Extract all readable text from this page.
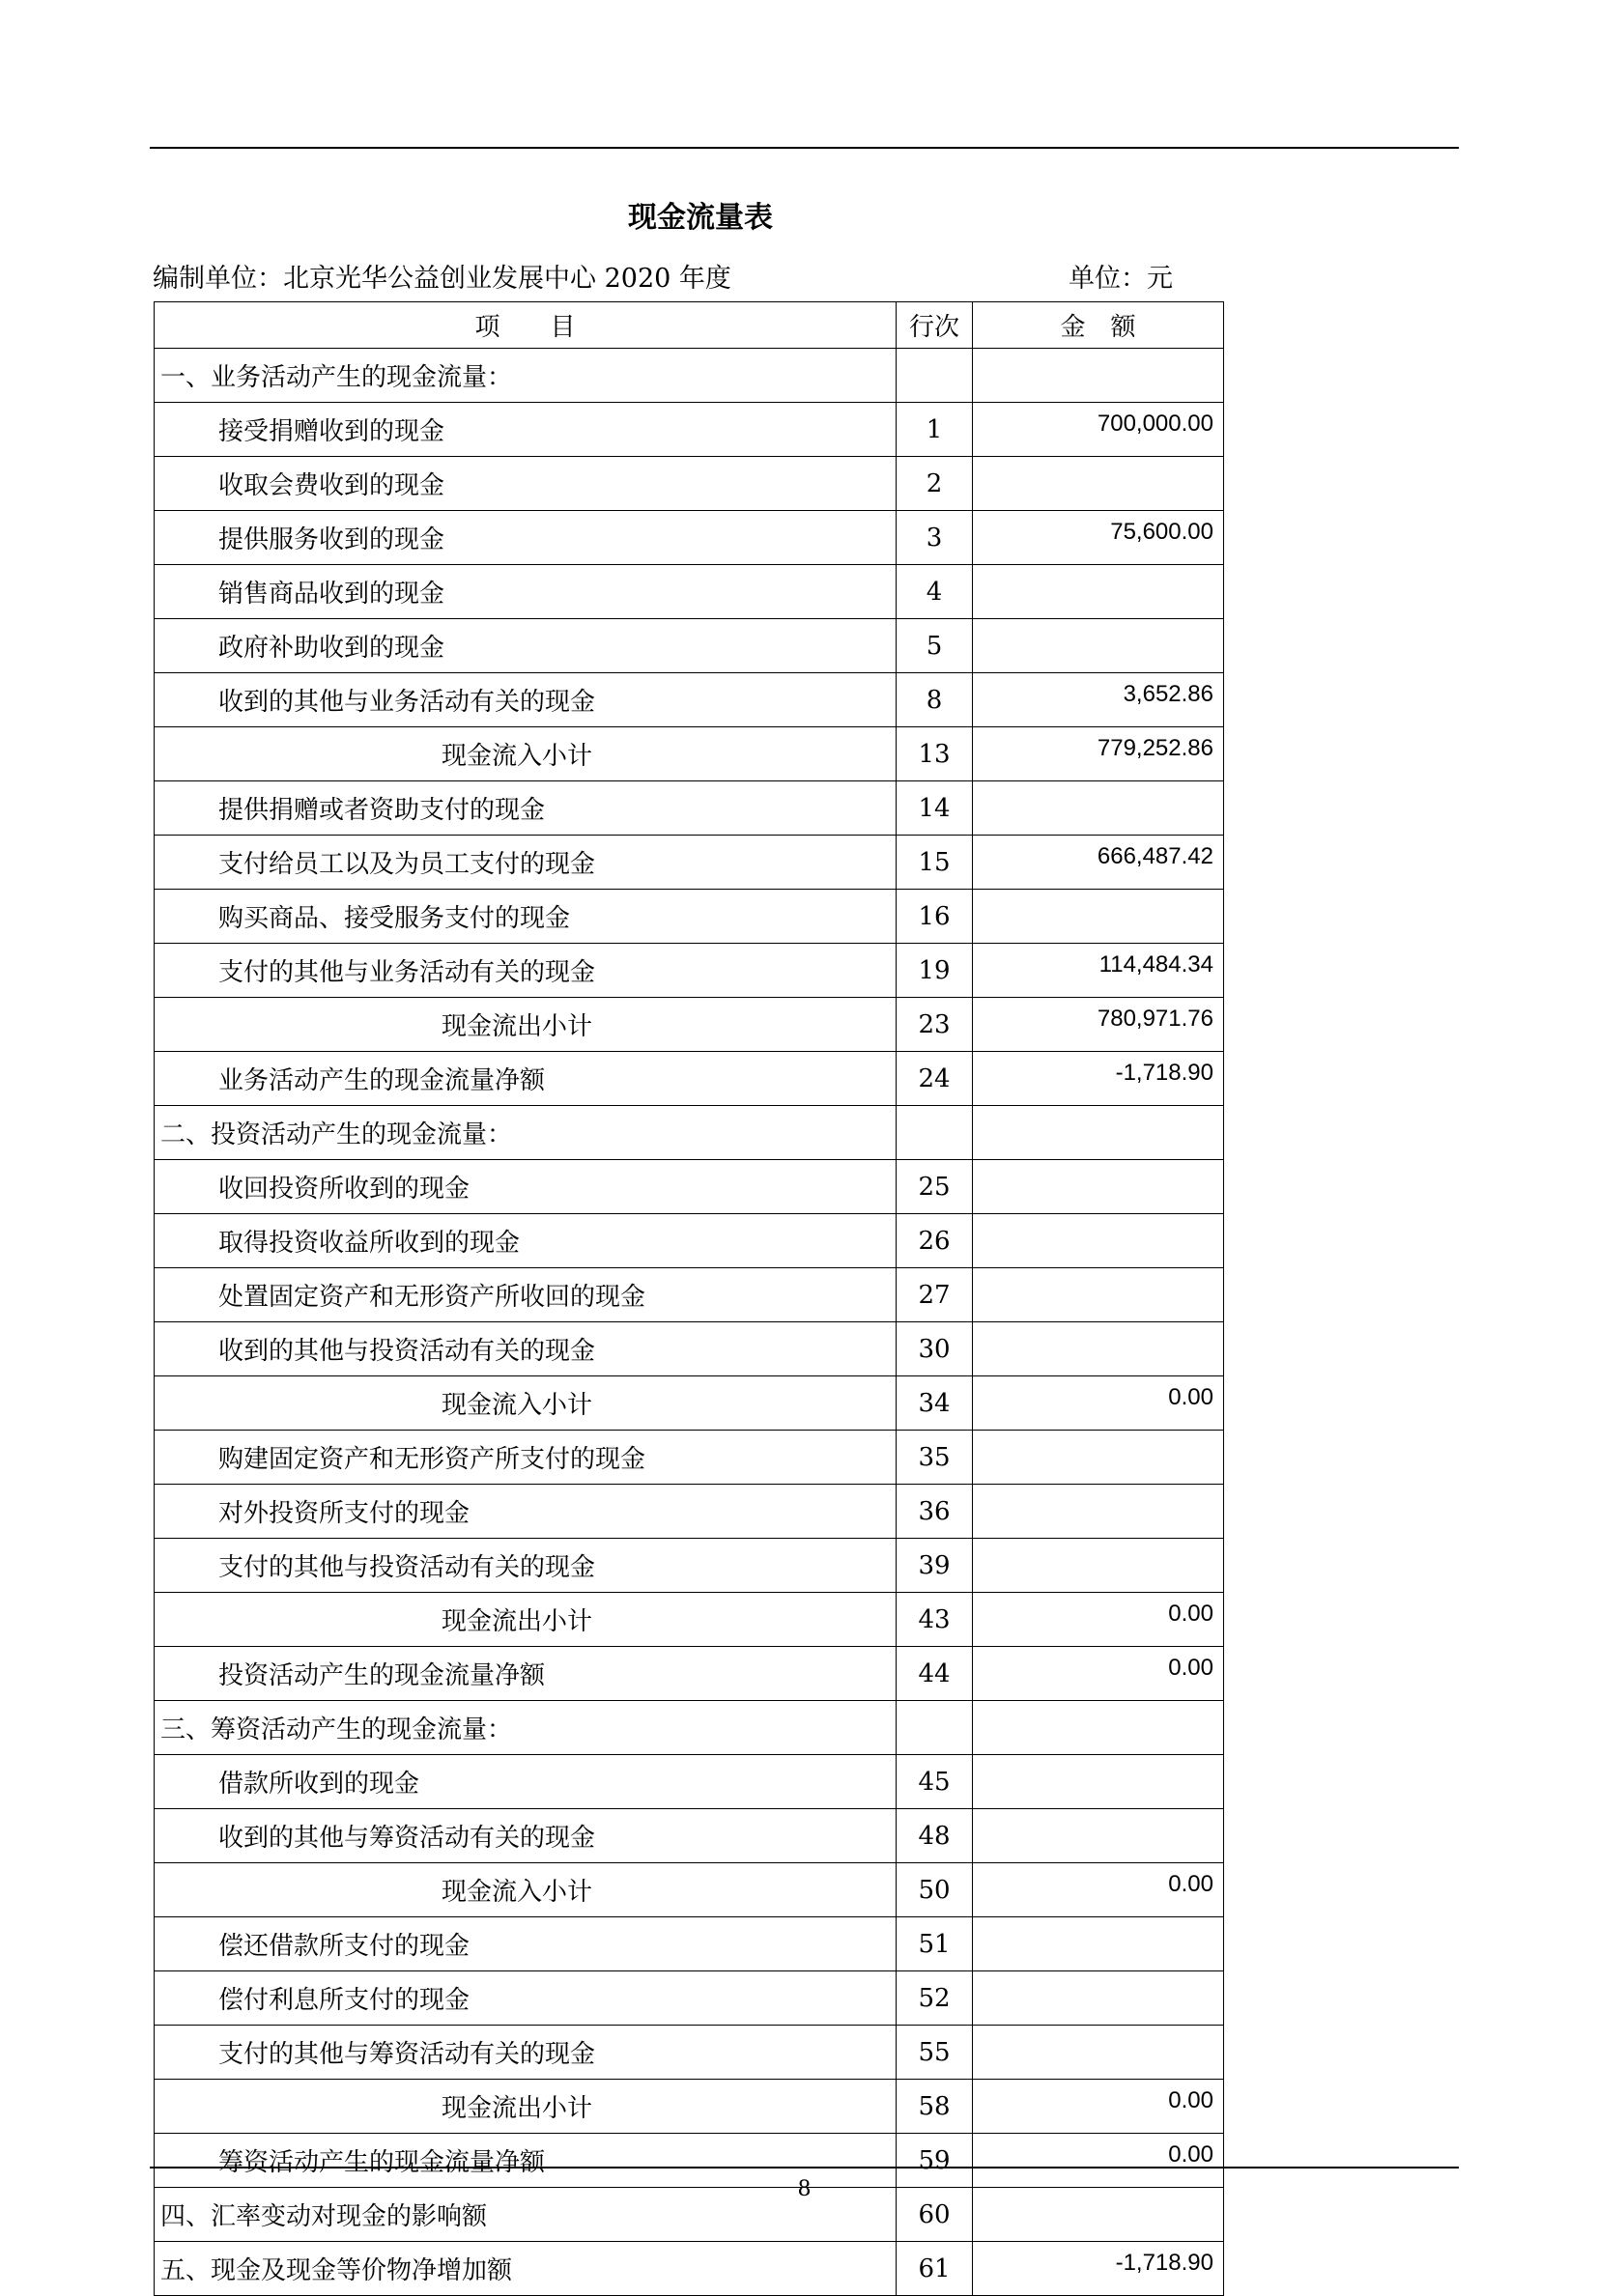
现金流量表
编制单位：北京光华公益创业发展中心 2020 年度	单位：元
项　　目	行次	金　额
一、业务活动产生的现金流量：		
接受捐赠收到的现金	1	700,000.00
收取会费收到的现金	2	
提供服务收到的现金	3	75,600.00
销售商品收到的现金	4	
政府补助收到的现金	5	
收到的其他与业务活动有关的现金	8	3,652.86
现金流入小计	13	779,252.86
提供捐赠或者资助支付的现金	14	
支付给员工以及为员工支付的现金	15	666,487.42
购买商品、接受服务支付的现金	16	
支付的其他与业务活动有关的现金	19	114,484.34
现金流出小计	23	780,971.76
业务活动产生的现金流量净额	24	-1,718.90
二、投资活动产生的现金流量：		
收回投资所收到的现金	25	
取得投资收益所收到的现金	26	
处置固定资产和无形资产所收回的现金	27	
收到的其他与投资活动有关的现金	30	
现金流入小计	34	0.00
购建固定资产和无形资产所支付的现金	35	
对外投资所支付的现金	36	
支付的其他与投资活动有关的现金	39	
现金流出小计	43	0.00
投资活动产生的现金流量净额	44	0.00
三、筹资活动产生的现金流量：		
借款所收到的现金	45	
收到的其他与筹资活动有关的现金	48	
现金流入小计	50	0.00
偿还借款所支付的现金	51	
偿付利息所支付的现金	52	
支付的其他与筹资活动有关的现金	55	
现金流出小计	58	0.00
筹资活动产生的现金流量净额	59	0.00
四、汇率变动对现金的影响额	60	
五、现金及现金等价物净增加额	61	-1,718.90
8
